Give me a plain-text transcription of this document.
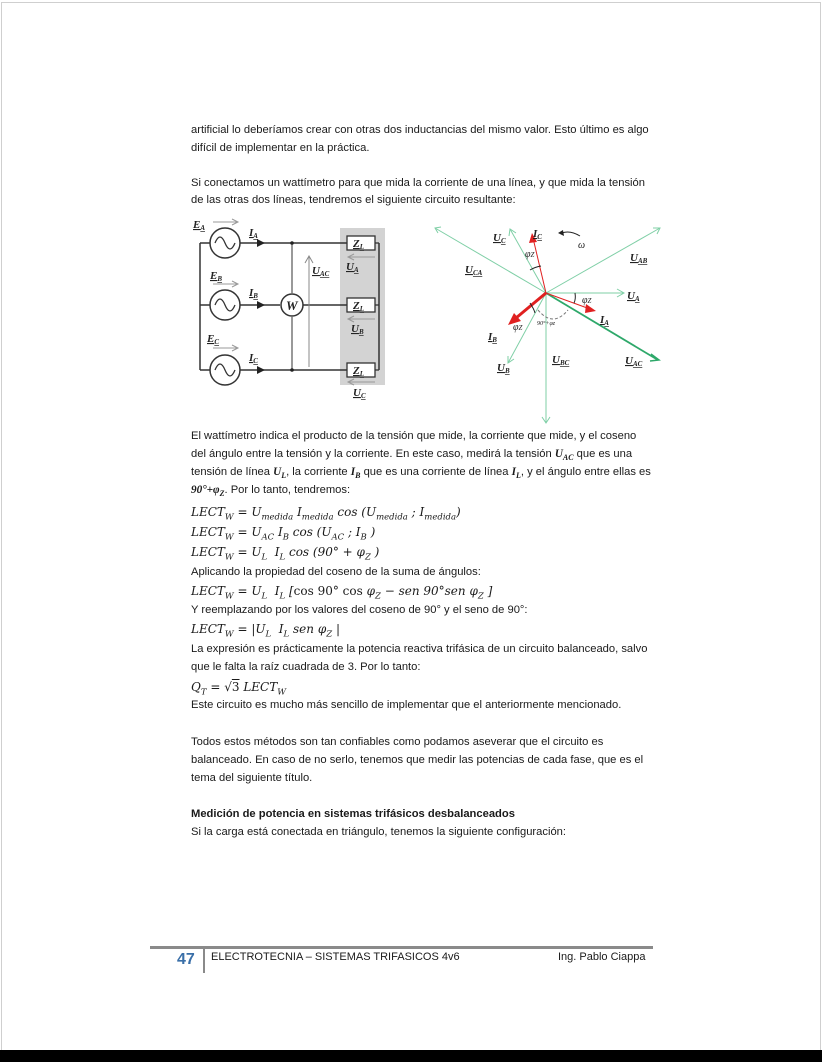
artificial lo deberíamos crear con otras dos inductancias del mismo valor. Esto último es algo
difícil de implementar en la práctica.
Si conectamos un wattímetro para que mida la corriente de una línea, y que mida la tensión
de las otras dos líneas, tendremos el siguiente circuito resultante:
W
ZL
ZL
ZL
EA
EB
EC
IA
IB
IC
UAC
UA
UB
UC
UCA
UC
IC
UAB
UA
IA
IB
UB
UBC	UAC
φZ
φZ
φZ 90°+φz
ω
El wattímetro indica el producto de la tensión que mide, la corriente que mide, y el coseno
del ángulo entre la tensión y la corriente. En este caso, medirá la tensión $U_{AC}$ que es una
tensión de línea $U_L$, la corriente $I_B$ que es una corriente de línea $I_L$, y el ángulo entre ellas es
$90^\circ+\varphi_Z$. Por lo tanto, tendremos:
$LECT_W = U_{medida}$ $I_{medida}$ $\cos (U_{medida}$ ; $I_{medida}$)
$LECT_W = U_{AC}$ $I_B$ $\cos (U_{AC}$ ; $I_B$ )
$LECT_W = U_L$  $I_L$ $\cos (90^\circ + \varphi_Z$ )
Aplicando la propiedad del coseno de la suma de ángulos:
$LECT_W = U_L$  $I_L$ [cos 90° $\cos \varphi_Z$ − sen 90°sen $\varphi_Z$ ]
Y reemplazando por los valores del coseno de 90° y el seno de 90°:
$LECT_W = |U_L$  $I_L$ sen $\varphi_Z$ |
La expresión es prácticamente la potencia reactiva trifásica de un circuito balanceado, salvo
que le falta la raíz cuadrada de 3. Por lo tanto:
$Q_T = √3$ $LECT_W$
Este circuito es mucho más sencillo de implementar que el anteriormente mencionado.
Todos estos métodos son tan confiables como podamos aseverar que el circuito es
balanceado. En caso de no serlo, tenemos que medir las potencias de cada fase, que es el
tema del siguiente título.
Medición de potencia en sistemas trifásicos desbalanceados
Si la carga está conectada en triángulo, tenemos la siguiente configuración:
47 ELECTROTECNIA – SISTEMAS TRIFASICOS 4v6	Ing. Pablo Ciappa
